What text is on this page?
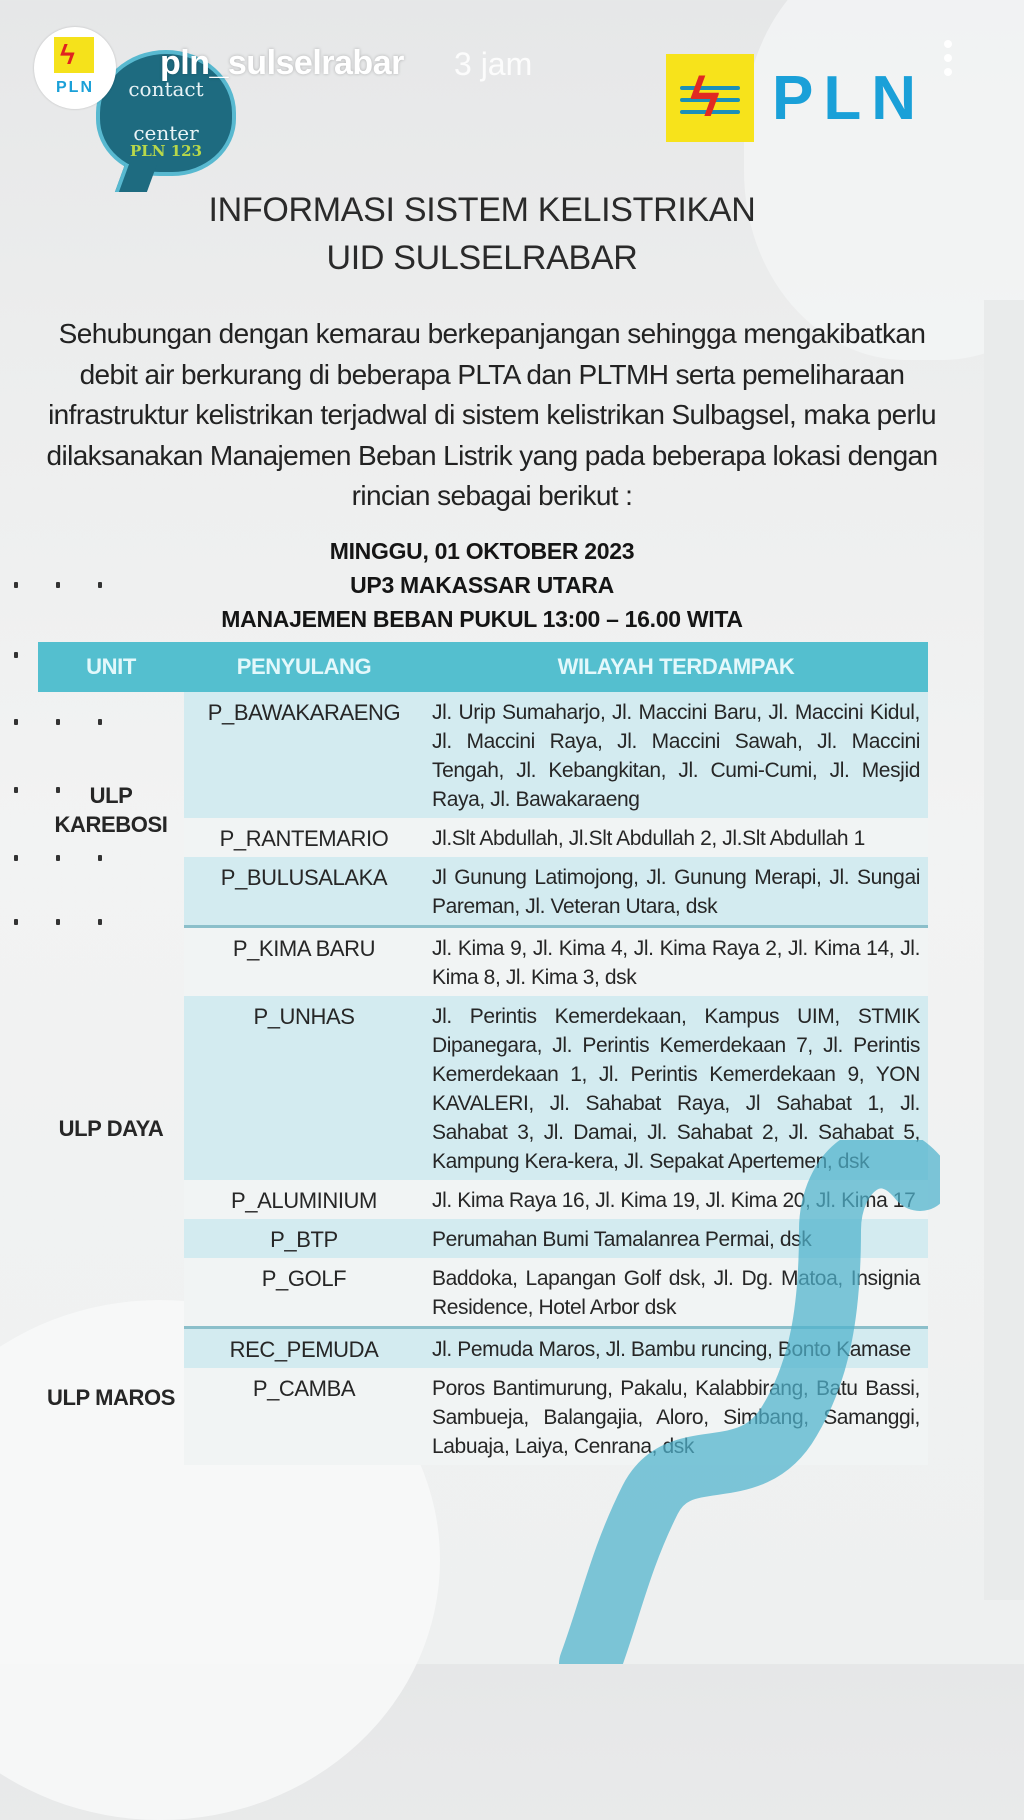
ϟ
PLN
pln_sulselrabar 3 jam
contact
center
PLN 123
ϟ PLN
INFORMASI SISTEM KELISTRIKAN
UID SULSELRABAR
Sehubungan dengan kemarau berkepanjangan sehingga mengakibatkan debit air berkurang di beberapa PLTA dan PLTMH serta pemeliharaan infrastruktur kelistrikan terjadwal di sistem kelistrikan Sulbagsel, maka perlu dilaksanakan Manajemen Beban Listrik yang pada beberapa lokasi dengan rincian sebagai berikut :
MINGGU, 01 OKTOBER 2023
UP3 MAKASSAR UTARA
MANAJEMEN BEBAN PUKUL 13:00 – 16.00 WITA
UNIT	PENYULANG	WILAYAH TERDAMPAK
ULP KAREBOSI	P_BAWAKARAENG	Jl. Urip Sumaharjo, Jl. Maccini Baru, Jl. Maccini Kidul, Jl. Maccini Raya, Jl. Maccini Sawah, Jl. Maccini Tengah, Jl. Kebangkitan, Jl. Cumi-Cumi, Jl. Mesjid Raya, Jl. Bawakaraeng
	P_RANTEMARIO	Jl.Slt Abdullah, Jl.Slt Abdullah 2, Jl.Slt Abdullah 1
	P_BULUSALAKA	Jl Gunung Latimojong, Jl. Gunung Merapi, Jl. Sungai Pareman, Jl. Veteran Utara, dsk
ULP DAYA	P_KIMA BARU	Jl. Kima 9, Jl. Kima 4, Jl. Kima Raya 2, Jl. Kima 14, Jl. Kima 8, Jl. Kima 3, dsk
	P_UNHAS	Jl. Perintis Kemerdekaan, Kampus UIM, STMIK Dipanegara, Jl. Perintis Kemerdekaan 7, Jl. Perintis Kemerdekaan 1, Jl. Perintis Kemerdekaan 9, YON KAVALERI, Jl. Sahabat Raya, Jl Sahabat 1, Jl. Sahabat 3, Jl. Damai, Jl. Sahabat 2, Jl. Sahabat 5, Kampung Kera-kera, Jl. Sepakat Apertemen, dsk
	P_ALUMINIUM	Jl. Kima Raya 16, Jl. Kima 19, Jl. Kima 20, Jl. Kima 17
	P_BTP	Perumahan Bumi Tamalanrea Permai, dsk
	P_GOLF	Baddoka, Lapangan Golf dsk, Jl. Dg. Matoa, Insignia Residence, Hotel Arbor dsk
ULP MAROS	REC_PEMUDA	Jl. Pemuda Maros, Jl. Bambu runcing, Bonto Kamase
	P_CAMBA	Poros Bantimurung, Pakalu, Kalabbirang, Batu Bassi, Sambueja, Balangajia, Aloro, Simbang, Samanggi, Labuaja, Laiya, Cenrana, dsk
